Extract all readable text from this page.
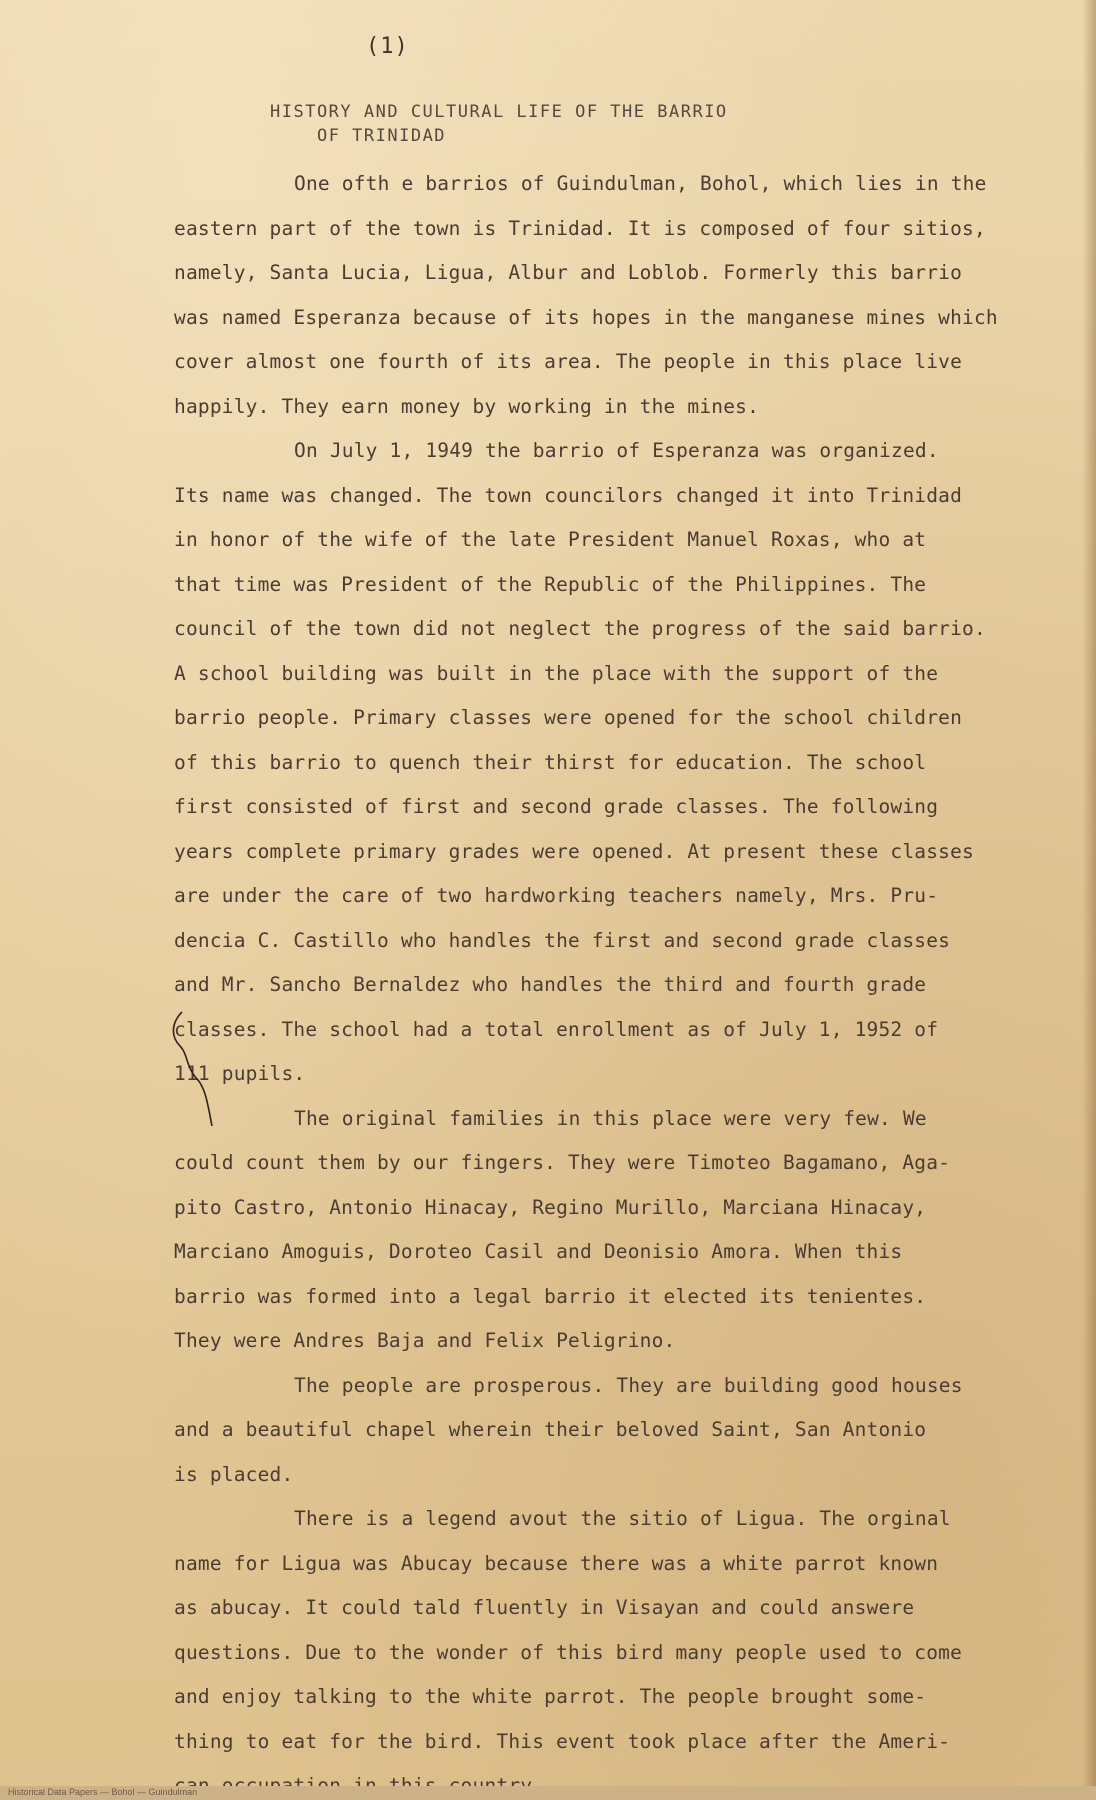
(1)
HISTORY AND CULTURAL LIFE OF THE BARRIO
OF TRINIDAD
One ofth e barrios of Guindulman, Bohol, which lies in the
eastern part of the town is Trinidad. It is composed of four sitios,
namely, Santa Lucia, Ligua, Albur and Loblob. Formerly this barrio
was named Esperanza because of its hopes in the manganese mines which
cover almost one fourth of its area. The people in this place live
happily. They earn money by working in the mines.
On July 1, 1949 the barrio of Esperanza was organized.
Its name was changed. The town councilors changed it into Trinidad
in honor of the wife of the late President Manuel Roxas, who at
that time was President of the Republic of the Philippines. The
council of the town did not neglect the progress of the said barrio.
A school building was built in the place with the support of the
barrio people. Primary classes were opened for the school children
of this barrio to quench their thirst for education. The school
first consisted of first and second grade classes. The following
years complete primary grades were opened. At present these classes
are under the care of two hardworking teachers namely, Mrs. Pru-
dencia C. Castillo who handles the first and second grade classes
and Mr. Sancho Bernaldez who handles the third and fourth grade
classes. The school had a total enrollment as of July 1, 1952 of
111 pupils.
The original families in this place were very few. We
could count them by our fingers. They were Timoteo Bagamano, Aga-
pito Castro, Antonio Hinacay, Regino Murillo, Marciana Hinacay,
Marciano Amoguis, Doroteo Casil and Deonisio Amora. When this
barrio was formed into a legal barrio it elected its tenientes.
They were Andres Baja and Felix Peligrino.
The people are prosperous. They are building good houses
and a beautiful chapel wherein their beloved Saint, San Antonio
is placed.
There is a legend avout the sitio of Ligua. The orginal
name for Ligua was Abucay because there was a white parrot known
as abucay. It could tald fluently in Visayan and could answere
questions. Due to the wonder of this bird many people used to come
and enjoy talking to the white parrot. The people brought some-
thing to eat for the bird. This event took place after the Ameri-
Historical Data Papers — Bohol — Guindulman
